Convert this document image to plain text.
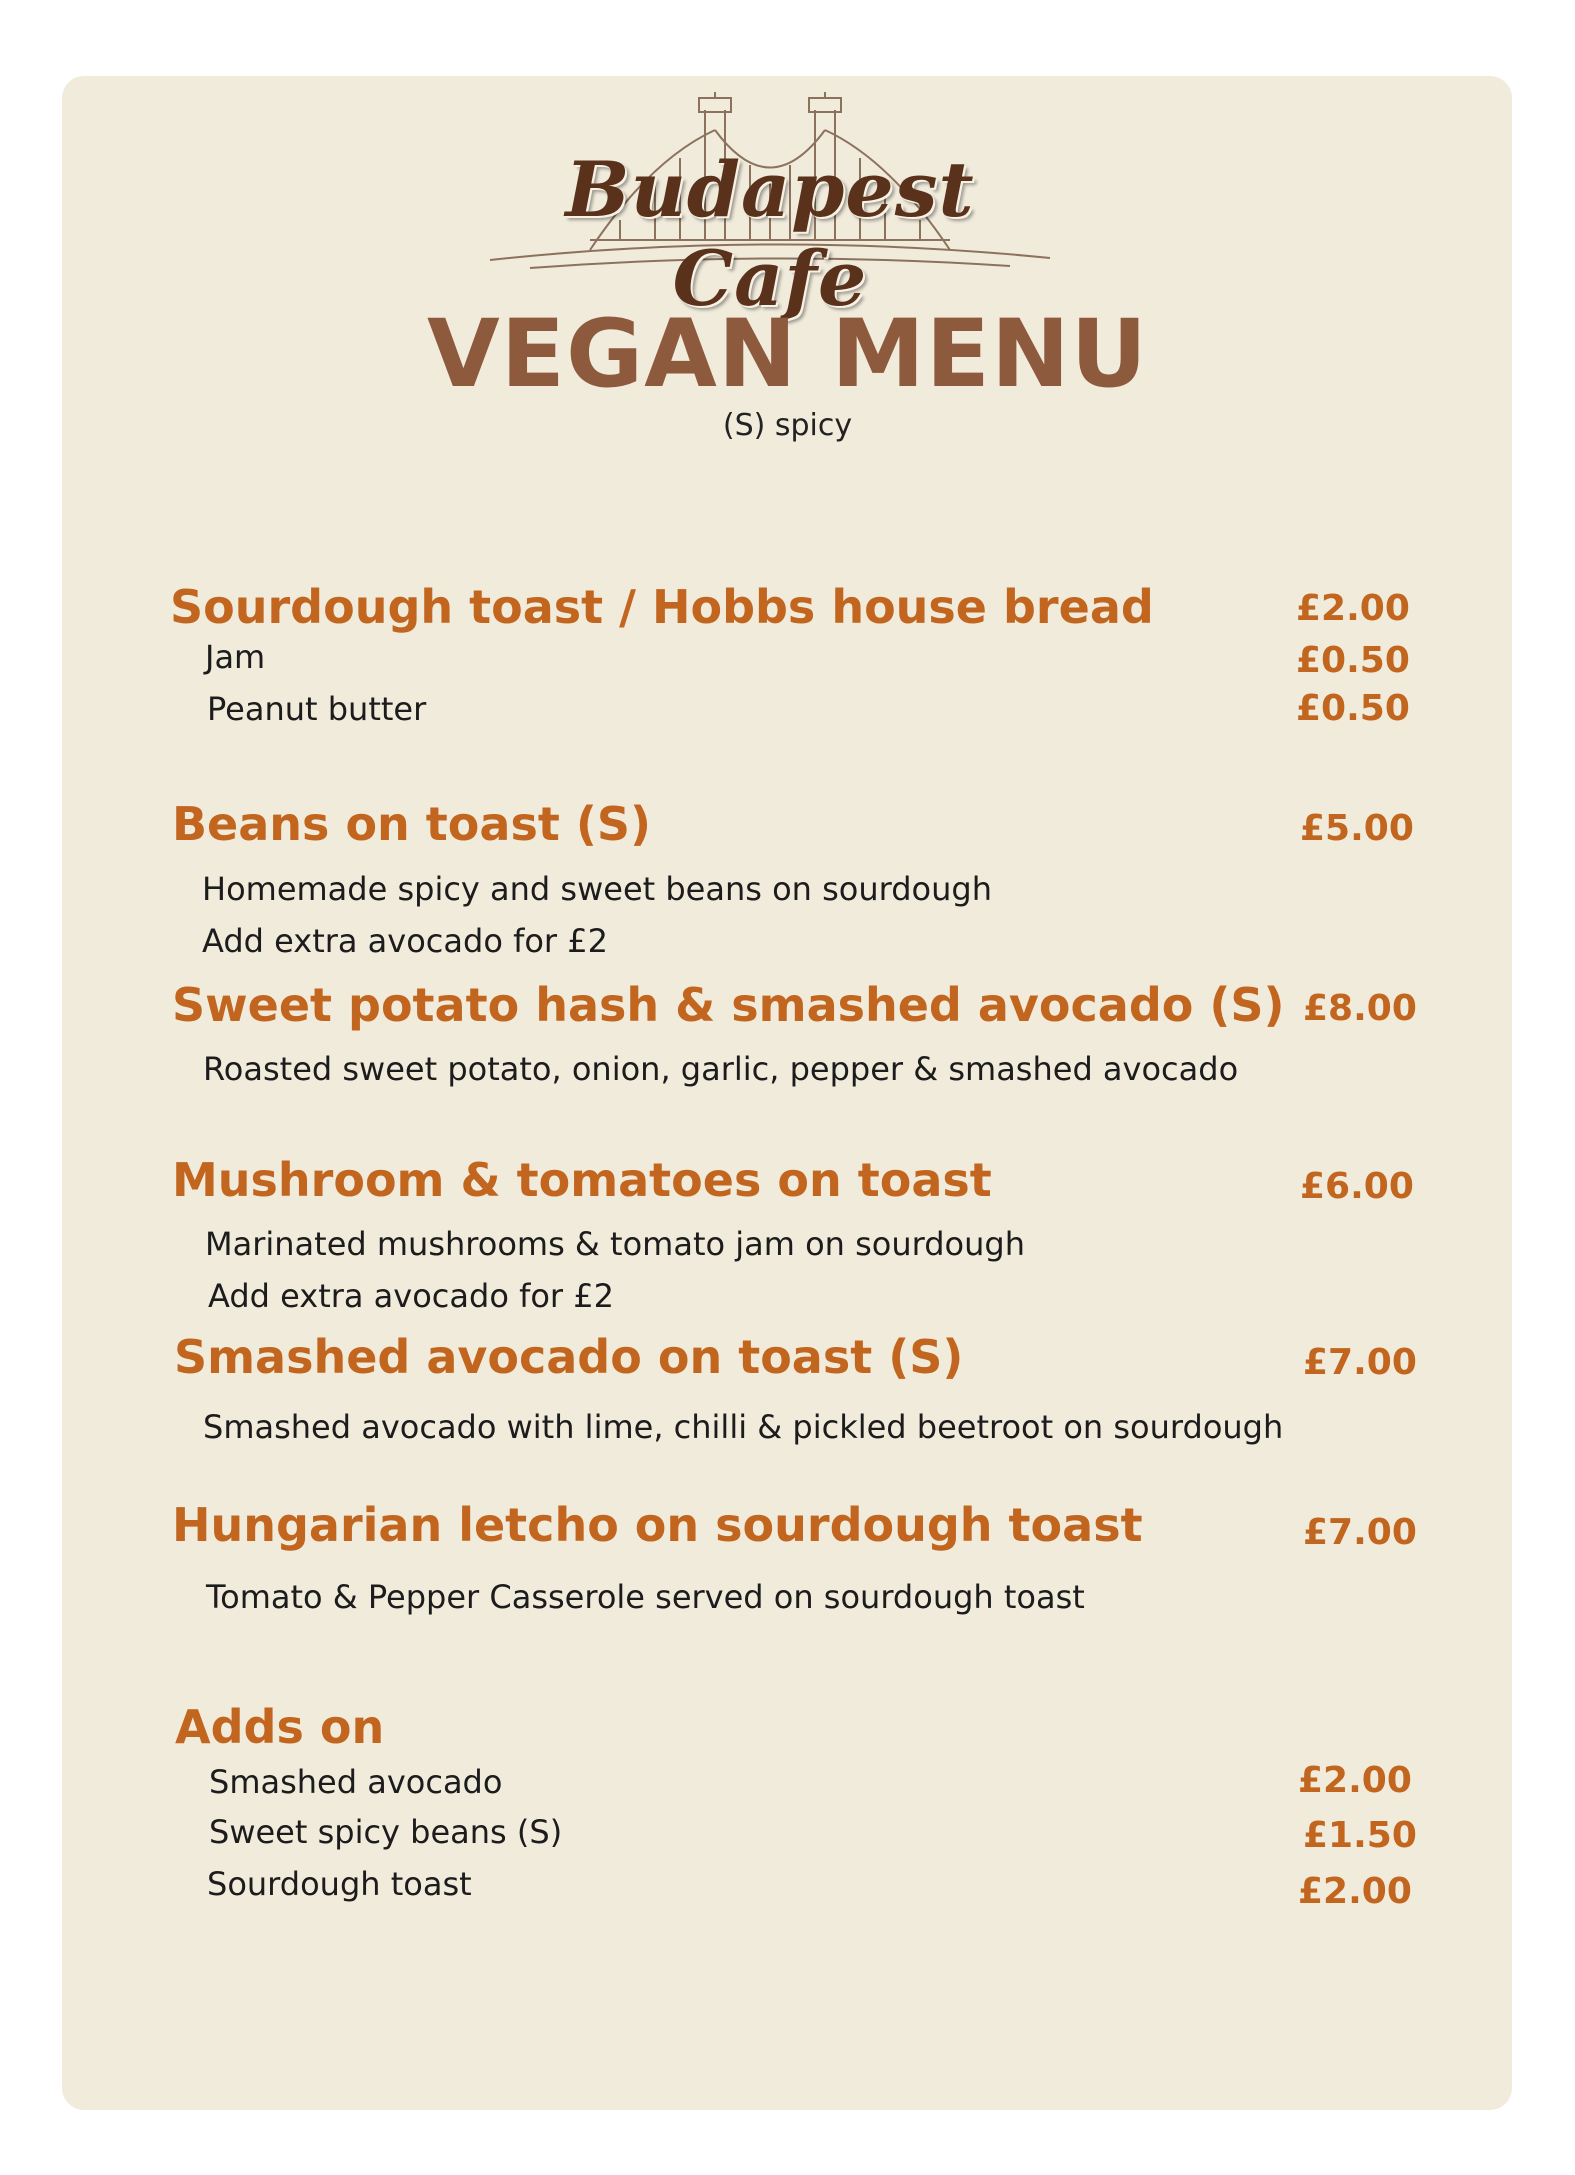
Budapest Cafe
VEGAN MENU
(S) spicy
Sourdough toast / Hobbs house bread	£2.00
Jam	£0.50
Peanut butter	£0.50
Beans on toast (S)	£5.00
Homemade spicy and sweet beans on sourdough
Add extra avocado for £2
Sweet potato hash & smashed avocado (S) £8.00
Roasted sweet potato, onion, garlic, pepper & smashed avocado
Mushroom & tomatoes on toast	£6.00
Marinated mushrooms & tomato jam on sourdough
Add extra avocado for £2
Smashed avocado on toast (S)	£7.00
Smashed avocado with lime, chilli & pickled beetroot on sourdough
Hungarian letcho on sourdough toast	£7.00
Tomato & Pepper Casserole served on sourdough toast
Adds on
Smashed avocado	£2.00
Sweet spicy beans (S)	£1.50
Sourdough toast	£2.00
